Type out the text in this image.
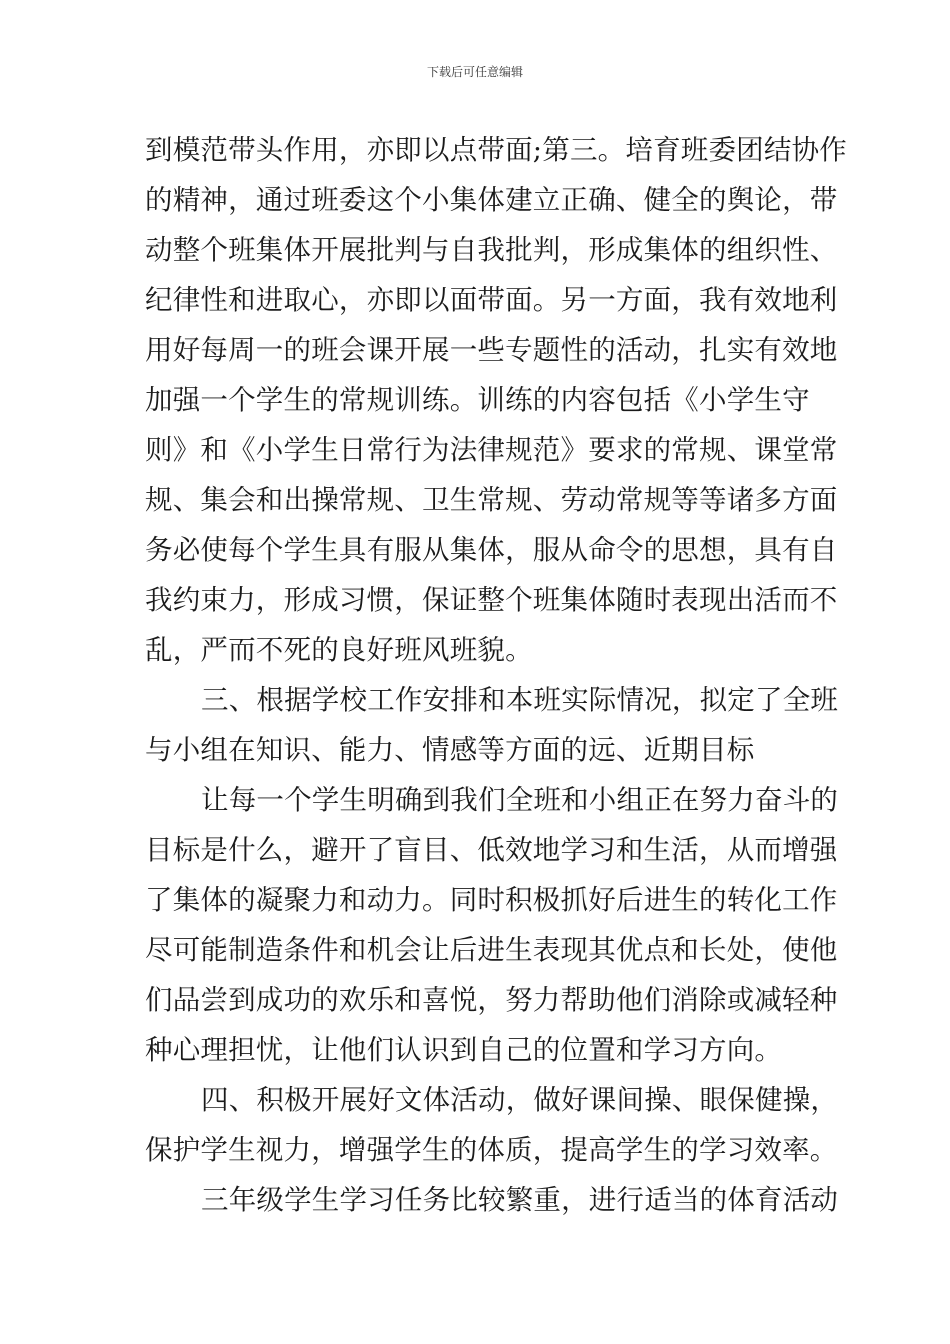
下载后可任意编辑
到模范带头作用，亦即以点带面;第三。培育班委团结协作
的精神，通过班委这个小集体建立正确、健全的舆论，带
动整个班集体开展批判与自我批判，形成集体的组织性、
纪律性和进取心，亦即以面带面。另一方面，我有效地利
用好每周一的班会课开展一些专题性的活动，扎实有效地
加强一个学生的常规训练。训练的内容包括《小学生守
则》和《小学生日常行为法律规范》要求的常规、课堂常
规、集会和出操常规、卫生常规、劳动常规等等诸多方面
务必使每个学生具有服从集体，服从命令的思想，具有自
我约束力，形成习惯，保证整个班集体随时表现出活而不
乱，严而不死的良好班风班貌。
三、根据学校工作安排和本班实际情况，拟定了全班
与小组在知识、能力、情感等方面的远、近期目标
让每一个学生明确到我们全班和小组正在努力奋斗的
目标是什么，避开了盲目、低效地学习和生活，从而增强
了集体的凝聚力和动力。同时积极抓好后进生的转化工作
尽可能制造条件和机会让后进生表现其优点和长处，使他
们品尝到成功的欢乐和喜悦，努力帮助他们消除或减轻种
种心理担忧，让他们认识到自己的位置和学习方向。
四、积极开展好文体活动，做好课间操、眼保健操，
保护学生视力，增强学生的体质，提高学生的学习效率。
三年级学生学习任务比较繁重，进行适当的体育活动
